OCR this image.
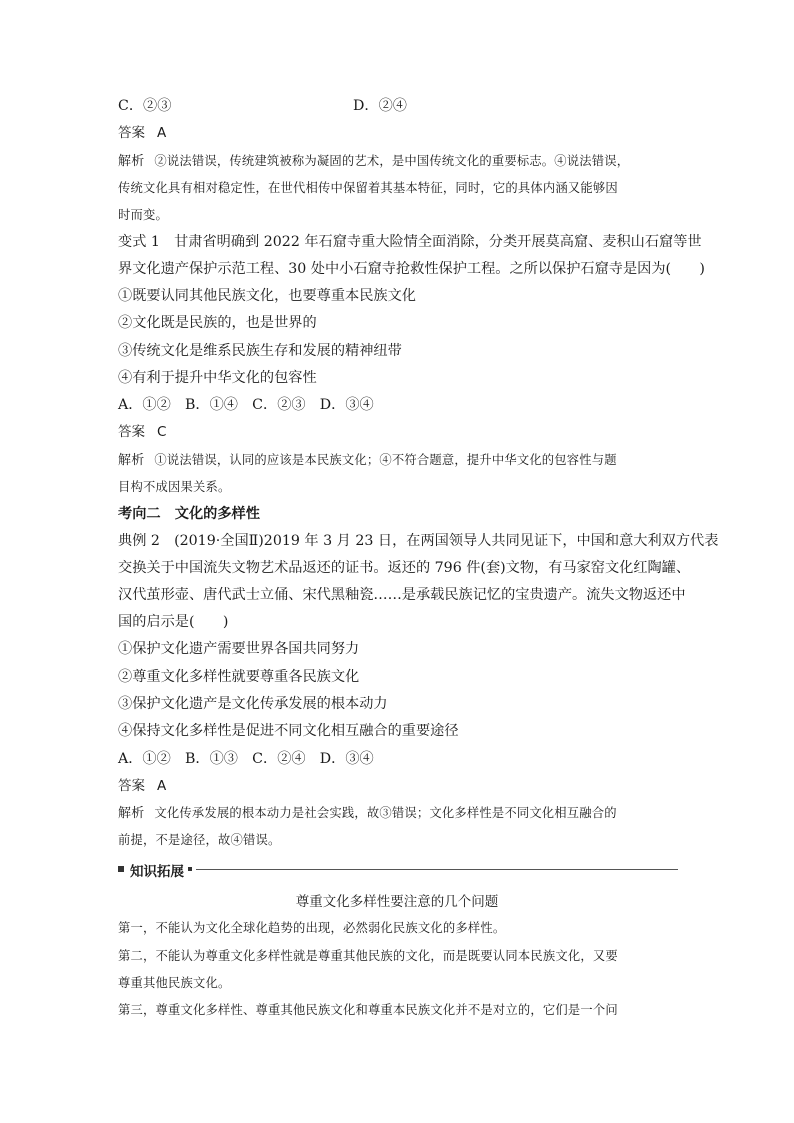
C．②③	D．②④
答案 A
解析 ②说法错误，传统建筑被称为凝固的艺术，是中国传统文化的重要标志。④说法错误，
传统文化具有相对稳定性，在世代相传中保留着其基本特征，同时，它的具体内涵又能够因
时而变。
变式 1　甘肃省明确到 2022 年石窟寺重大险情全面消除，分类开展莫高窟、麦积山石窟等世
界文化遗产保护示范工程、30 处中小石窟寺抢救性保护工程。之所以保护石窟寺是因为(　　)
①既要认同其他民族文化，也要尊重本民族文化
②文化既是民族的，也是世界的
③传统文化是维系民族生存和发展的精神纽带
④有利于提升中华文化的包容性
A．①②　B．①④　C．②③　D．③④
答案 C
解析 ①说法错误，认同的应该是本民族文化；④不符合题意，提升中华文化的包容性与题
目构不成因果关系。
考向二　文化的多样性
典例 2　(2019·全国Ⅱ)2019 年 3 月 23 日，在两国领导人共同见证下，中国和意大利双方代表
交换关于中国流失文物艺术品返还的证书。返还的 796 件(套)文物，有马家窑文化红陶罐、
汉代茧形壶、唐代武士立俑、宋代黑釉瓷……是承载民族记忆的宝贵遗产。流失文物返还中
国的启示是(　　)
①保护文化遗产需要世界各国共同努力
②尊重文化多样性就要尊重各民族文化
③保护文化遗产是文化传承发展的根本动力
④保持文化多样性是促进不同文化相互融合的重要途径
A．①②　B．①③　C．②④　D．③④
答案 A
解析 文化传承发展的根本动力是社会实践，故③错误；文化多样性是不同文化相互融合的
前提，不是途径，故④错误。
知识拓展
尊重文化多样性要注意的几个问题
第一，不能认为文化全球化趋势的出现，必然弱化民族文化的多样性。
第二，不能认为尊重文化多样性就是尊重其他民族的文化，而是既要认同本民族文化，又要
尊重其他民族文化。
第三，尊重文化多样性、尊重其他民族文化和尊重本民族文化并不是对立的，它们是一个问
